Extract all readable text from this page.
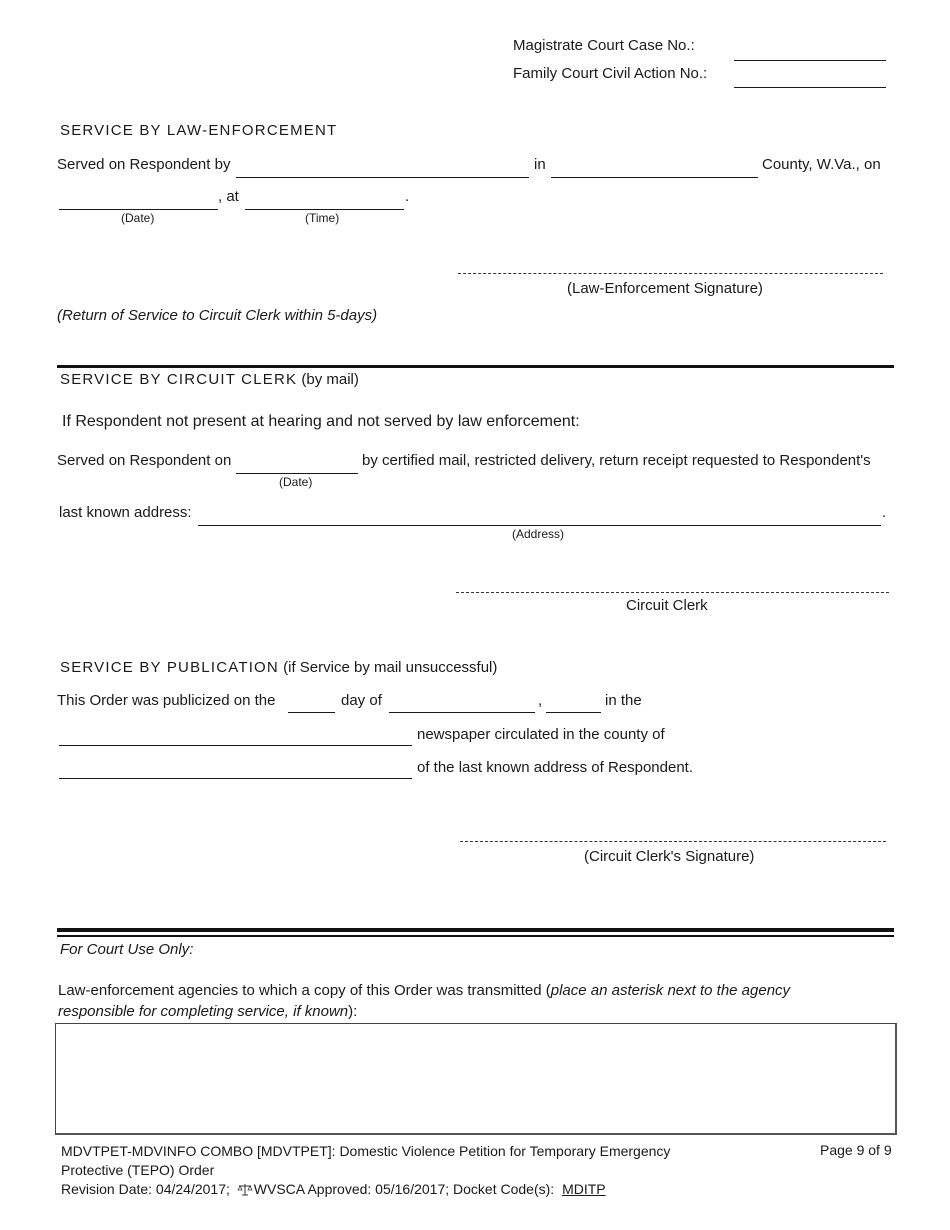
Magistrate Court Case No.:
Family Court Civil Action No.:
SERVICE BY LAW-ENFORCEMENT
Served on Respondent by	in	County, W.Va., on
, at	.
(Date)	(Time)
(Law-Enforcement Signature)
(Return of Service to Circuit Clerk within 5-days)
SERVICE BY CIRCUIT CLERK (by mail)
If Respondent not present at hearing and not served by law enforcement:
Served on Respondent on	by certified mail, restricted delivery, return receipt requested to Respondent's
(Date)
last known address:	.
(Address)
Circuit Clerk
SERVICE BY PUBLICATION (if Service by mail unsuccessful)
This Order was publicized on the	day of	,	in the
newspaper circulated in the county of
of the last known address of Respondent.
(Circuit Clerk's Signature)
For Court Use Only:
Law-enforcement agencies to which a copy of this Order was transmitted (place an asterisk next to the agency
responsible for completing service, if known):
MDVTPET-MDVINFO COMBO [MDVTPET]: Domestic Violence Petition for Temporary Emergency
Protective (TEPO) Order
Page 9 of 9
Revision Date: 04/24/2017; WVSCA Approved: 05/16/2017; Docket Code(s): MDITP
